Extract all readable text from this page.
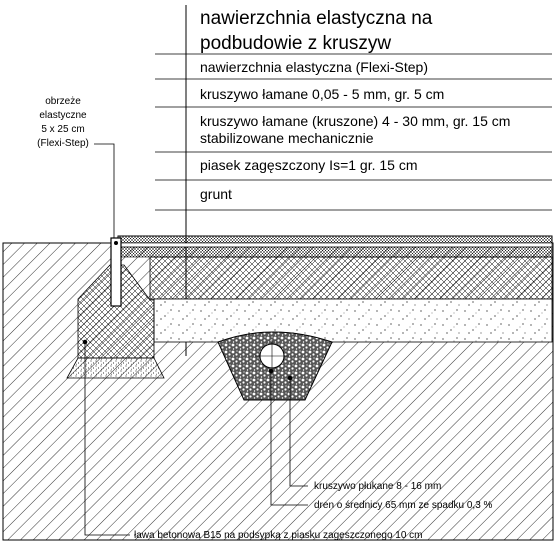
nawierzchnia elastyczna na
podbudowie z kruszyw
nawierzchnia elastyczna (Flexi-Step)
kruszywo łamane 0,05 - 5 mm, gr. 5 cm
kruszywo łamane (kruszone) 4 - 30 mm, gr. 15 cm
stabilizowane mechanicznie
piasek zagęszczony Is=1 gr. 15 cm
grunt
obrzeże
elastyczne
5 x 25 cm
(Flexi-Step)
kruszywo płukane 8 - 16 mm
dren o średnicy 65 mm ze spadku 0,3 %
ława betonowa B15 na podsypką z piasku zagęszczonego 10 cm
